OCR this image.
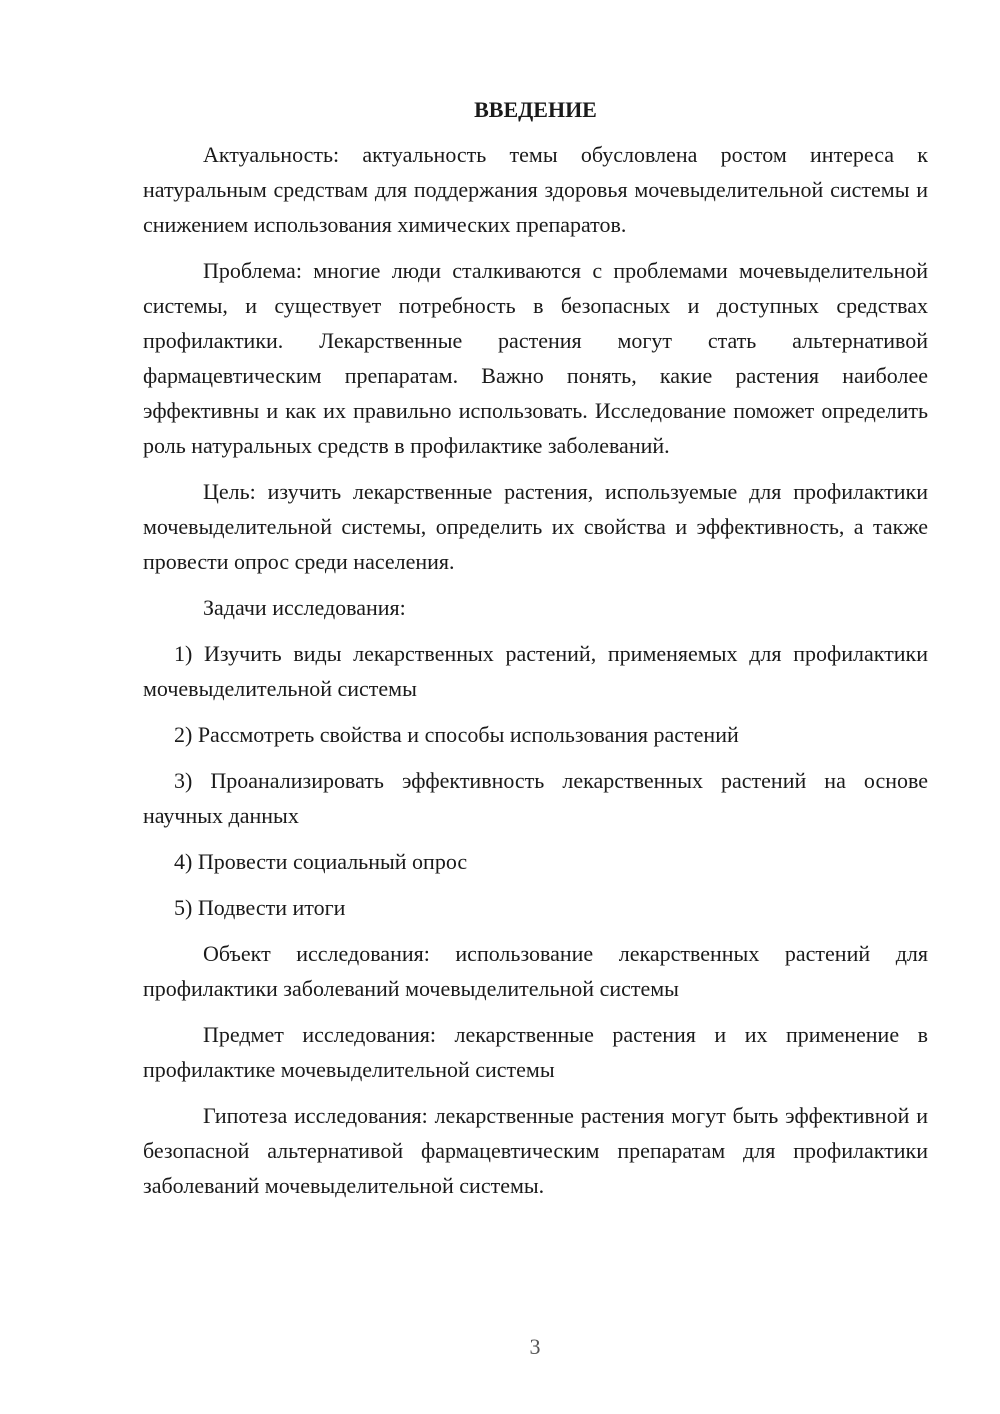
ВВЕДЕНИЕ

Актуальность: актуальность темы обусловлена ростом интереса к натуральным средствам для поддержания здоровья мочевыделительной системы и снижением использования химических препаратов.

Проблема: многие люди сталкиваются с проблемами мочевыделительной системы, и существует потребность в безопасных и доступных средствах профилактики. Лекарственные растения могут стать альтернативой фармацевтическим препаратам. Важно понять, какие растения наиболее эффективны и как их правильно использовать. Исследование поможет определить роль натуральных средств в профилактике заболеваний.

Цель: изучить лекарственные растения, используемые для профилактики мочевыделительной системы, определить их свойства и эффективность, а также провести опрос среди населения.

Задачи исследования:

1) Изучить виды лекарственных растений, применяемых для профилактики мочевыделительной системы

2) Рассмотреть свойства и способы использования растений

3) Проанализировать эффективность лекарственных растений на основе научных данных

4) Провести социальный опрос

5) Подвести итоги

Объект исследования: использование лекарственных растений для профилактики заболеваний мочевыделительной системы

Предмет исследования: лекарственные растения и их применение в профилактике мочевыделительной системы

Гипотеза исследования: лекарственные растения могут быть эффективной и безопасной альтернативой фармацевтическим препаратам для профилактики заболеваний мочевыделительной системы.

3
